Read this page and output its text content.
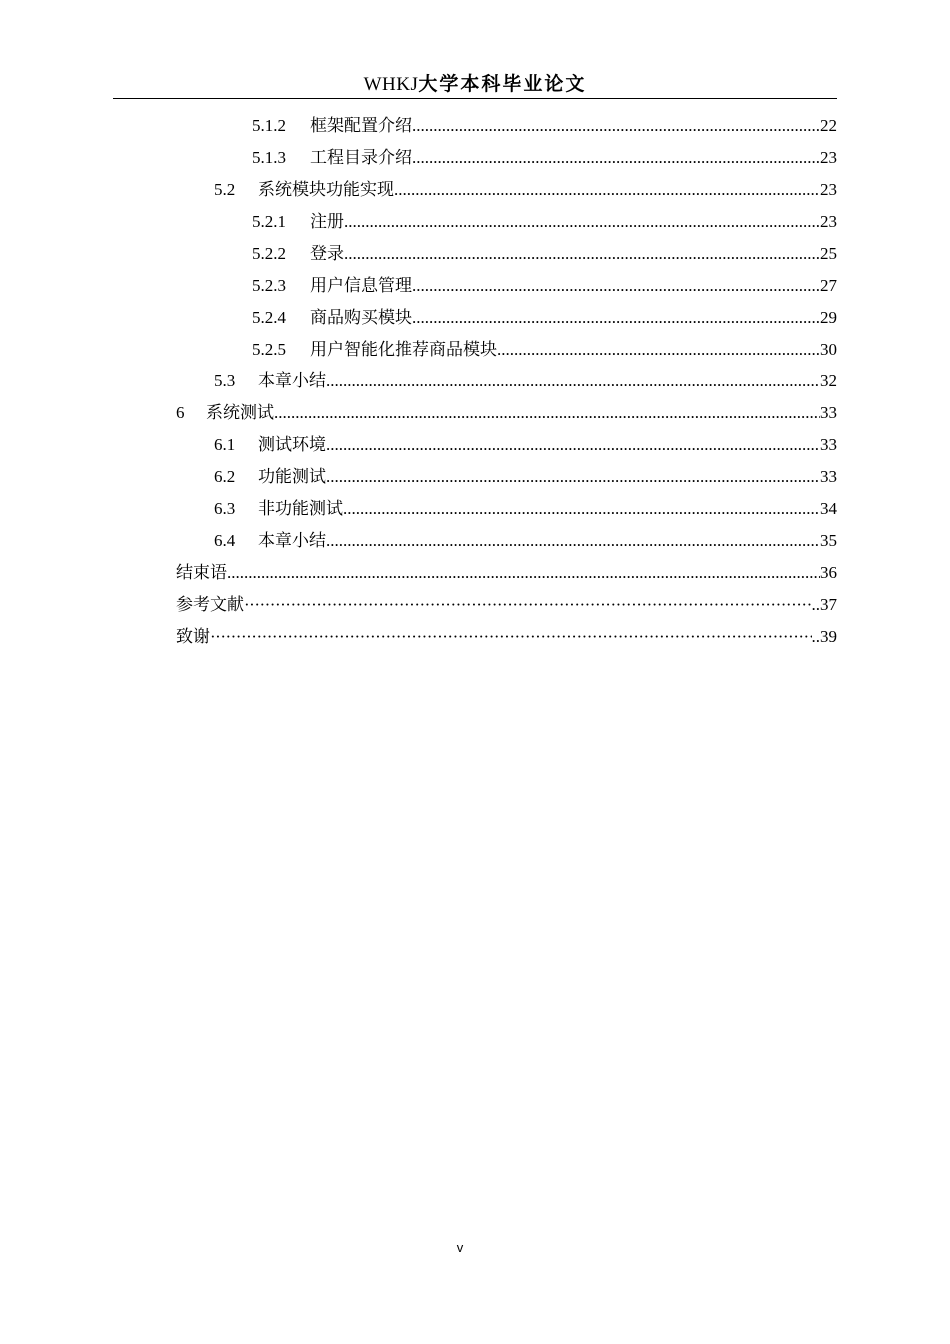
WHKJ大学本科毕业论文
5.1.2	框架配置介绍 .....	22
5.1.3	工程目录介绍 .....	23
5.2	系统模块功能实现 .....	23
5.2.1	注册 .....	23
5.2.2	登录 .....	25
5.2.3	用户信息管理 .....	27
5.2.4	商品购买模块 .....	29
5.2.5	用户智能化推荐商品模块 .....	30
5.3	本章小结 .....	32
6	系统测试 .....	33
6.1	测试环境 .....	33
6.2	功能测试 .....	33
6.3	非功能测试 .....	34
6.4	本章小结 .....	35
结束语 .....	36
参考文献 ·····	..37
致谢 ·····	..39
v
